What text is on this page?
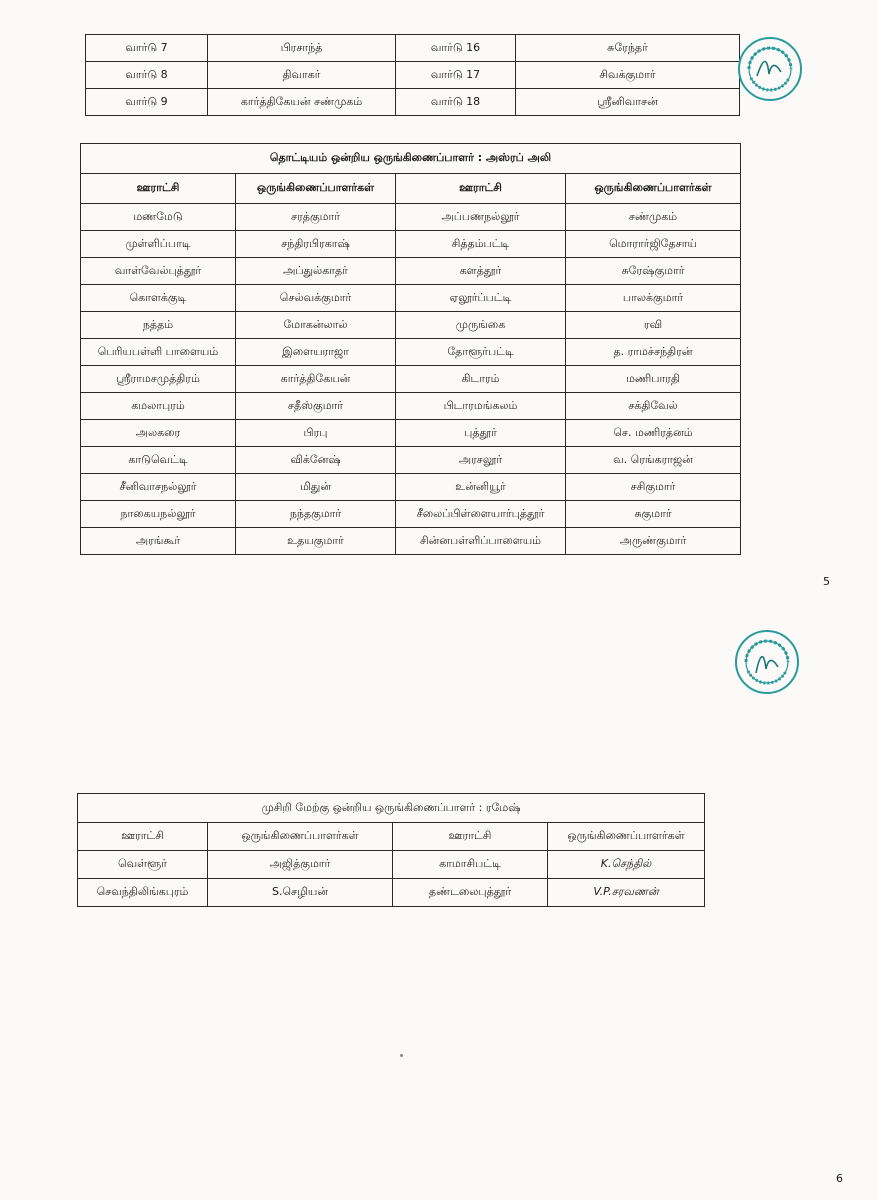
வார்டு 7	பிரசாந்த்	வார்டு 16	சுரேந்தர்
வார்டு 8	திவாகர்	வார்டு 17	சிவக்குமார்
வார்டு 9	கார்த்திகேயன் சண்முகம்	வார்டு 18	ஸ்ரீனிவாசன்
தொட்டியம் ஒன்றிய ஒருங்கிணைப்பாளர் : அஸ்ரப் அலி			
ஊராட்சி	ஒருங்கிணைப்பாளர்கள்	ஊராட்சி	ஒருங்கிணைப்பாளர்கள்
மணமேடு	சரத்குமார்	அப்பணநல்லூர்	சண்முகம்
முள்ளிப்பாடி	சந்திரபிரகாஷ்	சித்தம்பட்டி	மொரார்ஜிதேசாய்
வாள்வேல்புத்தூர்	அப்துல்காதர்	களத்தூர்	சுரேஷ்குமார்
கொளக்குடி	செல்வக்குமார்	ஏலூர்ப்பட்டி	பாலக்குமார்
நத்தம்	மோகன்லால்	முருங்கை	ரவி
பெரியபள்ளி பாளையம்	இளையராஜா	தோளூர்பட்டி	த. ராமச்சந்திரன்
ஸ்ரீராமசமுத்திரம்	கார்த்திகேயன்	கிடாரம்	மணிபாரதி
கமலாபுரம்	சதீஸ்குமார்	பிடாரமங்கலம்	சக்திவேல்
அலகரை	பிரபு	புத்தூர்	செ. மணிரத்னம்
காடுவெட்டி	விக்னேஷ்	அரசலூர்	வ. ரெங்கராஜன்
சீனிவாசநல்லூர்	மிதுன்	உன்னியூர்	சசிகுமார்
நாகையநல்லூர்	நந்தகுமார்	சீலைப்பிள்ளையார்புத்தூர்	சுகுமார்
அரங்கூர்	உதயகுமார்	சின்னபள்ளிப்பாளையம்	அருண்குமார்
5
முசிறி மேற்கு ஒன்றிய ஒருங்கிணைப்பாளர் : ரமேஷ்			
ஊராட்சி	ஒருங்கிணைப்பாளர்கள்	ஊராட்சி	ஒருங்கிணைப்பாளர்கள்
வெள்ளூர்	அஜித்குமார்	காமாசிபட்டி	K.செந்தில்
செவந்திலிங்கபுரம்	S.செழியன்	தண்டலைபுத்தூர்	V.P.சரவணன்
6
